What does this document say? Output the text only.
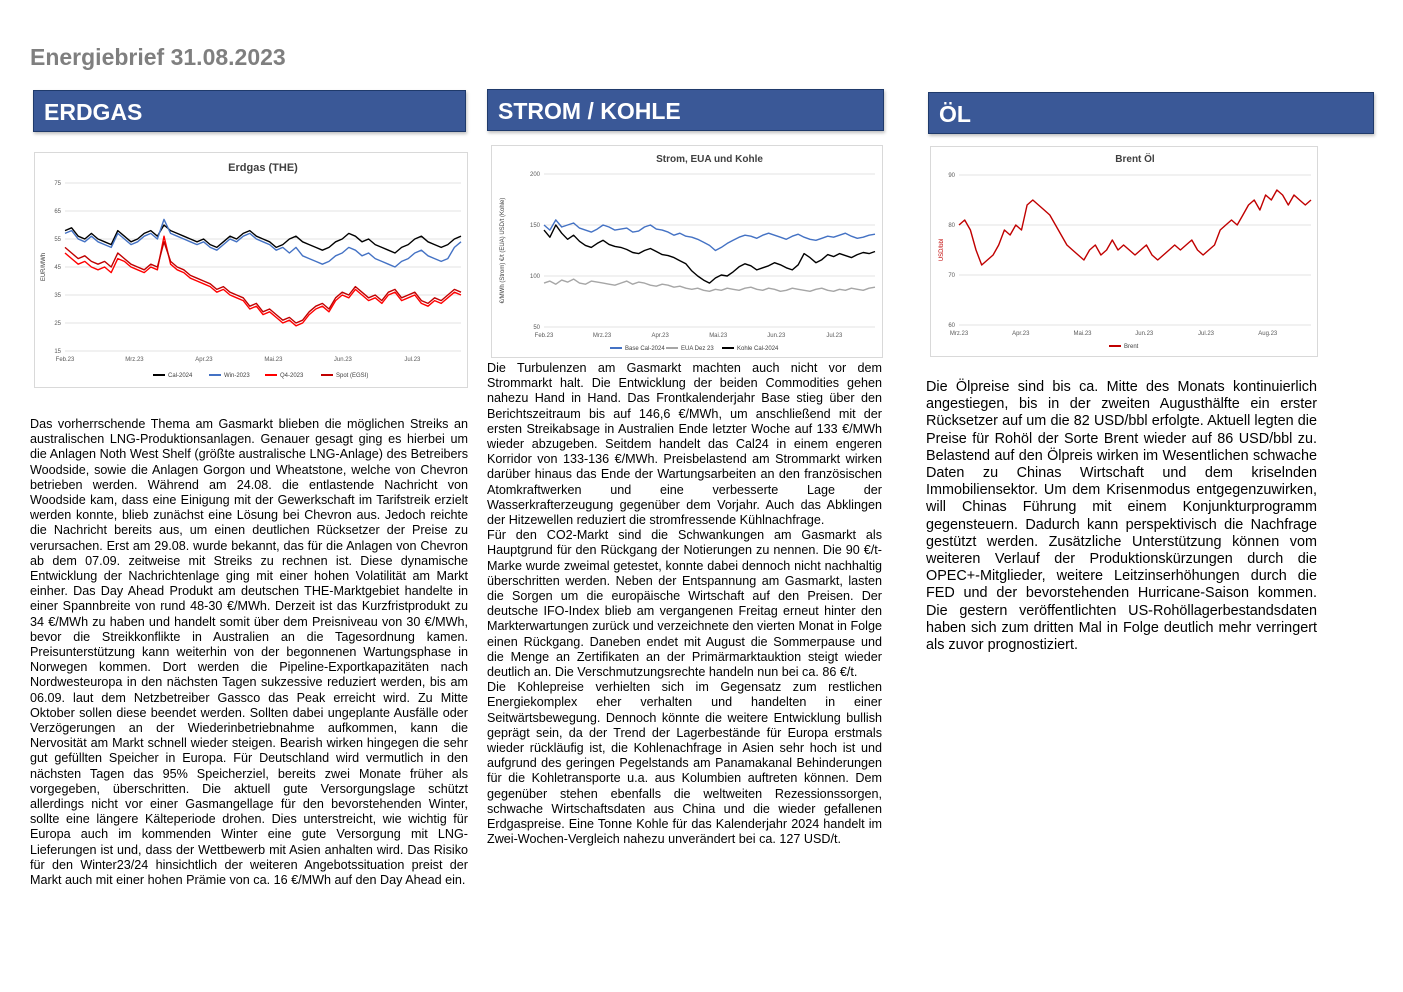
Energiebrief 31.08.2023
ERDGAS	STROM / KOHLE	ÖL
Erdgas (THE)
15
25
35
45
55
65
75
EUR/MWh
Feb.23	Mrz.23	Apr.23	Mai.23	Jun.23	Jul.23
Cal-2024	Win-2023	Q4-2023	Spot (EGSI)
Strom, EUA und Kohle
50
100
150
200
€/MWh (Strom) €/t (EUA) USD/t (Kohle)
Feb.23	Mrz.23	Apr.23	Mai.23	Jun.23	Jul.23
Base Cal-2024	EUA Dez 23	Kohle Cal-2024
Brent Öl
60
70
80
90
USD/bbl
Mrz.23	Apr.23	Mai.23	Jun.23	Jul.23	Aug.23
Brent

Das vorherrschende Thema am Gasmarkt blieben die möglichen Streiks an australischen LNG-Produktionsanlagen. Genauer gesagt ging es hierbei um die Anlagen Noth West Shelf (größte australische LNG-Anlage) des Betreibers Woodside, sowie die Anlagen Gorgon und Wheatstone, welche von Chevron betrieben werden. Während am 24.08. die entlastende Nachricht von Woodside kam, dass eine Einigung mit der Gewerkschaft im Tarifstreik erzielt werden konnte, blieb zunächst eine Lösung bei Chevron aus. Jedoch reichte die Nachricht bereits aus, um einen deutlichen Rücksetzer der Preise zu verursachen. Erst am 29.08. wurde bekannt, das für die Anlagen von Chevron ab dem 07.09. zeitweise mit Streiks zu rechnen ist. Diese dynamische Entwicklung der Nachrichtenlage ging mit einer hohen Volatilität am Markt einher. Das Day Ahead Produkt am deutschen THE-Marktgebiet handelte in einer Spannbreite von rund 48-30 €/MWh. Derzeit ist das Kurzfristprodukt zu 34 €/MWh zu haben und handelt somit über dem Preisniveau von 30 €/MWh, bevor die Streikkonflikte in Australien an die Tagesordnung kamen. Preisunterstützung kann weiterhin von der begonnenen Wartungsphase in Norwegen kommen. Dort werden die Pipeline-Exportkapazitäten nach Nordwesteuropa in den nächsten Tagen sukzessive reduziert werden, bis am 06.09. laut dem Netzbetreiber Gassco das Peak erreicht wird. Zu Mitte Oktober sollen diese beendet werden. Sollten dabei ungeplante Ausfälle oder Verzögerungen an der Wiederinbetriebnahme aufkommen, kann die Nervosität am Markt schnell wieder steigen. Bearish wirken hingegen die sehr gut gefüllten Speicher in Europa. Für Deutschland wird vermutlich in den nächsten Tagen das 95% Speicherziel, bereits zwei Monate früher als vorgegeben, überschritten. Die aktuell gute Versorgungslage schützt allerdings nicht vor einer Gasmangellage für den bevorstehenden Winter, sollte eine längere Kälteperiode drohen. Dies unterstreicht, wie wichtig für Europa auch im kommenden Winter eine gute Versorgung mit LNG-Lieferungen ist und, dass der Wettbewerb mit Asien anhalten wird. Das Risiko für den Winter23/24 hinsichtlich der weiteren Angebotssituation preist der Markt auch mit einer hohen Prämie von ca. 16 €/MWh auf den Day Ahead ein.

Die Turbulenzen am Gasmarkt machten auch nicht vor dem Strommarkt halt. Die Entwicklung der beiden Commodities gehen nahezu Hand in Hand. Das Frontkalenderjahr Base stieg über den Berichtszeitraum bis auf 146,6 €/MWh, um anschließend mit der ersten Streikabsage in Australien Ende letzter Woche auf 133 €/MWh wieder abzugeben. Seitdem handelt das Cal24 in einem engeren Korridor von 133-136 €/MWh. Preisbelastend am Strommarkt wirken darüber hinaus das Ende der Wartungsarbeiten an den französischen Atomkraftwerken und eine verbesserte Lage der Wasserkrafterzeugung gegenüber dem Vorjahr. Auch das Abklingen der Hitzewellen reduziert die stromfressende Kühlnachfrage.

Für den CO2-Markt sind die Schwankungen am Gasmarkt als Hauptgrund für den Rückgang der Notierungen zu nennen. Die 90 €/t-Marke wurde zweimal getestet, konnte dabei dennoch nicht nachhaltig überschritten werden. Neben der Entspannung am Gasmarkt, lasten die Sorgen um die europäische Wirtschaft auf den Preisen. Der deutsche IFO-Index blieb am vergangenen Freitag erneut hinter den Markterwartungen zurück und verzeichnete den vierten Monat in Folge einen Rückgang. Daneben endet mit August die Sommerpause und die Menge an Zertifikaten an der Primärmarktauktion steigt wieder deutlich an. Die Verschmutzungsrechte handeln nun bei ca. 86 €/t.

Die Kohlepreise verhielten sich im Gegensatz zum restlichen Energiekomplex eher verhalten und handelten in einer Seitwärtsbewegung. Dennoch könnte die weitere Entwicklung bullish geprägt sein, da der Trend der Lagerbestände für Europa erstmals wieder rückläufig ist, die Kohlenachfrage in Asien sehr hoch ist und aufgrund des geringen Pegelstands am Panamakanal Behinderungen für die Kohletransporte u.a. aus Kolumbien auftreten können. Dem gegenüber stehen ebenfalls die weltweiten Rezessionssorgen, schwache Wirtschaftsdaten aus China und die wieder gefallenen Erdgaspreise. Eine Tonne Kohle für das Kalenderjahr 2024 handelt im Zwei-Wochen-Vergleich nahezu unverändert bei ca. 127 USD/t.

Die Ölpreise sind bis ca. Mitte des Monats kontinuierlich angestiegen, bis in der zweiten Augusthälfte ein erster Rücksetzer auf um die 82 USD/bbl erfolgte. Aktuell legten die Preise für Rohöl der Sorte Brent wieder auf 86 USD/bbl zu. Belastend auf den Ölpreis wirken im Wesentlichen schwache Daten zu Chinas Wirtschaft und dem kriselnden Immobiliensektor. Um dem Krisenmodus entgegenzuwirken, will Chinas Führung mit einem Konjunkturprogramm gegensteuern. Dadurch kann perspektivisch die Nachfrage gestützt werden. Zusätzliche Unterstützung können vom weiteren Verlauf der Produktionskürzungen durch die OPEC+-Mitglieder, weitere Leitzinserhöhungen durch die FED und der bevorstehenden Hurricane-Saison kommen. Die gestern veröffentlichten US-Rohöllagerbestandsdaten haben sich zum dritten Mal in Folge deutlich mehr verringert als zuvor prognostiziert.
